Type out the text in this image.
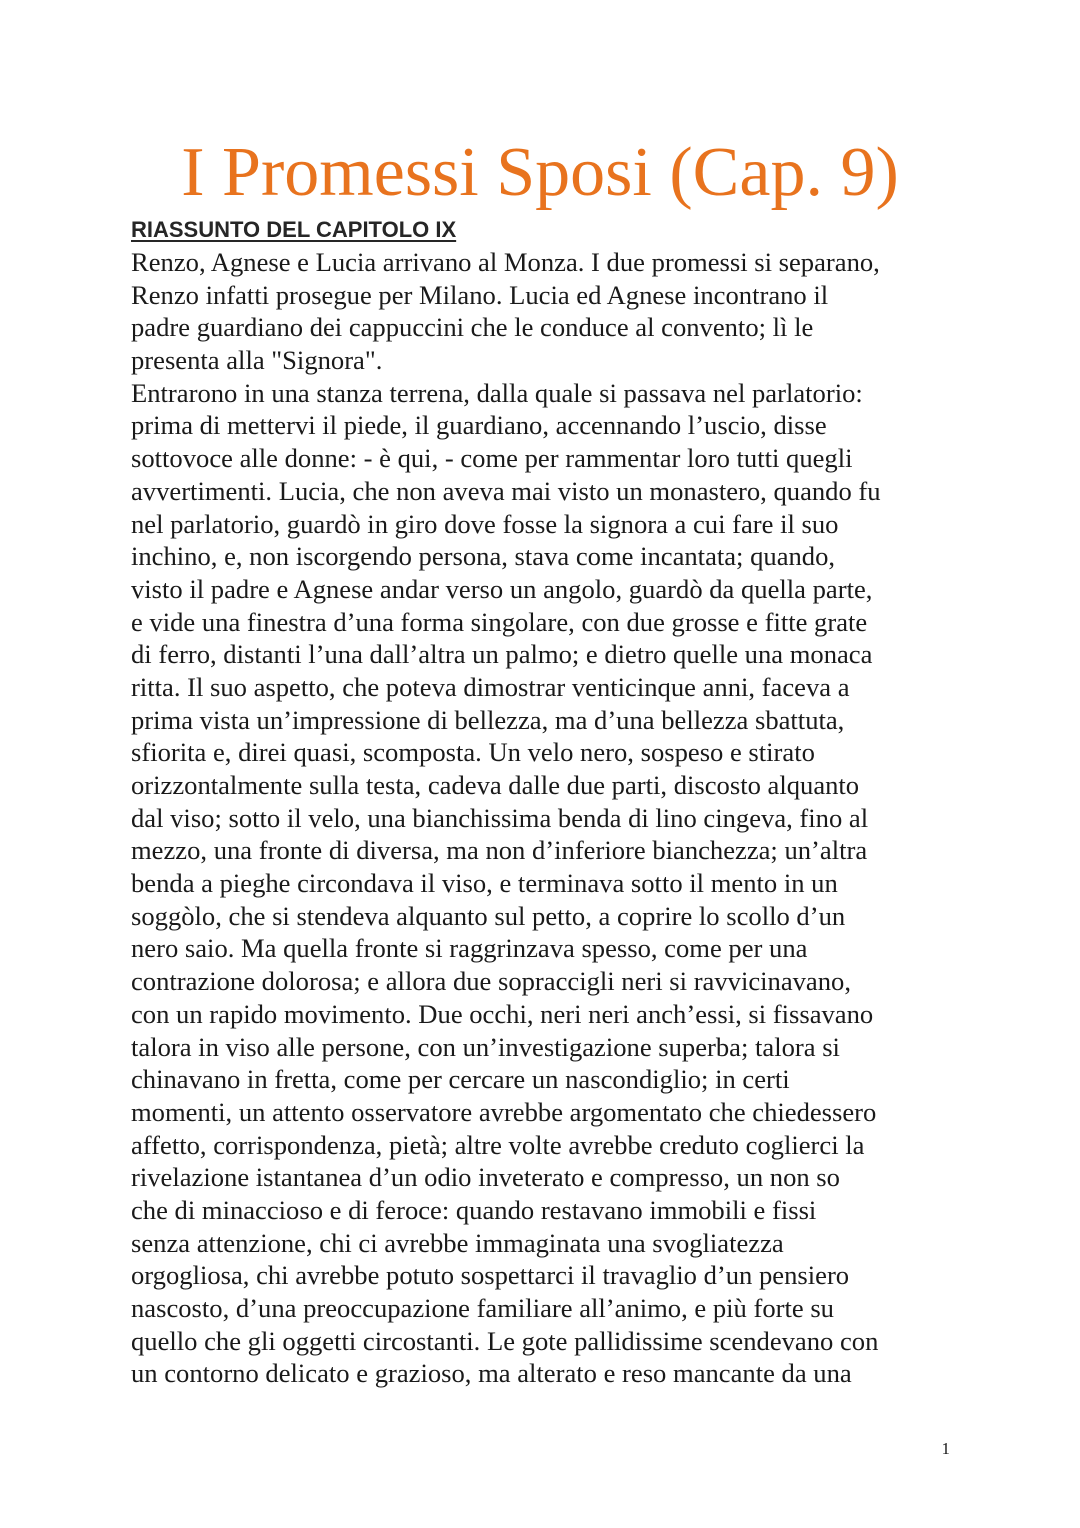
I Promessi Sposi (Cap. 9)
RIASSUNTO DEL CAPITOLO IX
Renzo, Agnese e Lucia arrivano al Monza. I due promessi si separano,
Renzo infatti prosegue per Milano. Lucia ed Agnese incontrano il
padre guardiano dei cappuccini che le conduce al convento; lì le
presenta alla "Signora".
Entrarono in una stanza terrena, dalla quale si passava nel parlatorio:
prima di mettervi il piede, il guardiano, accennando l’uscio, disse
sottovoce alle donne: - è qui, - come per rammentar loro tutti quegli
avvertimenti. Lucia, che non aveva mai visto un monastero, quando fu
nel parlatorio, guardò in giro dove fosse la signora a cui fare il suo
inchino, e, non iscorgendo persona, stava come incantata; quando,
visto il padre e Agnese andar verso un angolo, guardò da quella parte,
e vide una finestra d’una forma singolare, con due grosse e fitte grate
di ferro, distanti l’una dall’altra un palmo; e dietro quelle una monaca
ritta. Il suo aspetto, che poteva dimostrar venticinque anni, faceva a
prima vista un’impressione di bellezza, ma d’una bellezza sbattuta,
sfiorita e, direi quasi, scomposta. Un velo nero, sospeso e stirato
orizzontalmente sulla testa, cadeva dalle due parti, discosto alquanto
dal viso; sotto il velo, una bianchissima benda di lino cingeva, fino al
mezzo, una fronte di diversa, ma non d’inferiore bianchezza; un’altra
benda a pieghe circondava il viso, e terminava sotto il mento in un
soggòlo, che si stendeva alquanto sul petto, a coprire lo scollo d’un
nero saio. Ma quella fronte si raggrinzava spesso, come per una
contrazione dolorosa; e allora due sopraccigli neri si ravvicinavano,
con un rapido movimento. Due occhi, neri neri anch’essi, si fissavano
talora in viso alle persone, con un’investigazione superba; talora si
chinavano in fretta, come per cercare un nascondiglio; in certi
momenti, un attento osservatore avrebbe argomentato che chiedessero
affetto, corrispondenza, pietà; altre volte avrebbe creduto coglierci la
rivelazione istantanea d’un odio inveterato e compresso, un non so
che di minaccioso e di feroce: quando restavano immobili e fissi
senza attenzione, chi ci avrebbe immaginata una svogliatezza
orgogliosa, chi avrebbe potuto sospettarci il travaglio d’un pensiero
nascosto, d’una preoccupazione familiare all’animo, e più forte su
quello che gli oggetti circostanti. Le gote pallidissime scendevano con
un contorno delicato e grazioso, ma alterato e reso mancante da una
1
